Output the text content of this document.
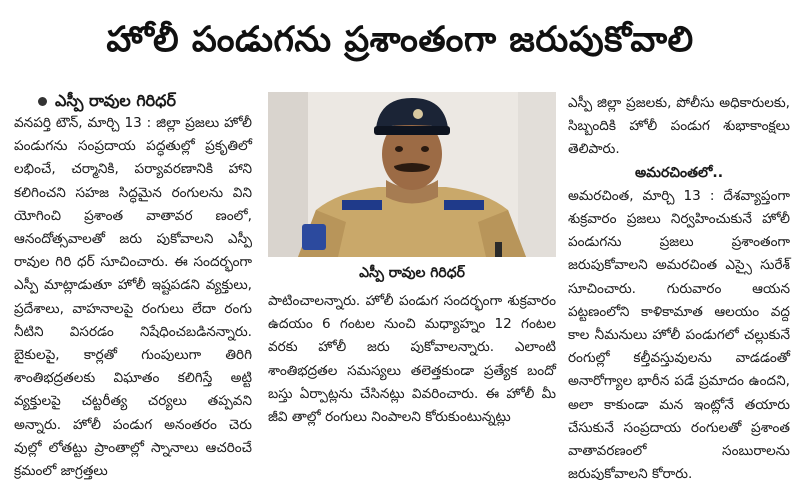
హోలీ పండుగను ప్రశాంతంగా జరుపుకోవాలి
ఎస్పీ రావుల గిరిధర్

వనపర్తి టౌన్‌, మార్చి 13 : జిల్లా ప్రజలు హోలీ పండుగను సంప్రదాయ పద్ధతుల్లో ప్రకృతిలో లభించే, చర్మానికి, పర్యావరణానికి హాని కలిగించని సహజ సిద్ధమైన రంగులను విని యోగించి ప్రశాంత వాతావర ణంలో, ఆనందోత్సవాలతో జరు పుకోవాలని ఎస్పీ రావుల గిరి ధర్‌ సూచించారు. ఈ సందర్భంగా ఎస్పీ మాట్లాడుతూ హోలీ ఇష్టపడని వ్యక్తులు, ప్రదేశాలు, వాహనాలపై రంగులు లేదా రంగు నీటిని విసరడం నిషేధించబడినన్నారు. బైకులపై, కార్లతో గుంపులుగా తిరిగి శాంతిభద్రతలకు విఘాతం కలిగిస్తే అట్టి వ్యక్తులపై చట్టరీత్య చర్యలు తప్పవని అన్నారు. హోలీ పండుగ అనంతరం చెరు వుల్లో లోతట్టు ప్రాంతాల్లో స్నానాలు ఆచరించే క్రమంలో జాగ్రత్తలు

ఎస్పీ రావుల గిరిధర్

పాటించాలన్నారు. హోలీ పండుగ సందర్భంగా శుక్రవారం ఉదయం 6 గంటల నుంచి మధ్యాహ్నం 12 గంటల వరకు హోలీ జరు పుకోవాలన్నారు. ఎలాంటి శాంతిభద్రతల సమస్యలు తలెత్తకుండా ప్రత్యేక బందో బస్తు ఏర్పాట్లను చేసినట్లు వివరించారు. ఈ హోలీ మీ జీవి తాల్లో రంగులు నింపాలని కోరుకుంటున్నట్లు

ఎస్పీ జిల్లా ప్రజలకు, పోలీసు అధికారులకు, సిబ్బందికి హోలీ పండుగ శుభాకాంక్షలు తెలిపారు.

అమరచింతలో..

అమరచింత, మార్చి 13 : దేశవ్యాప్తంగా శుక్రవారం ప్రజలు నిర్వహించుకునే హోలీ పండుగను ప్రజలు ప్రశాంతంగా జరుపుకోవాలని అమరచింత ఎస్సై సురేశ్‌ సూచించారు. గురువారం ఆయన పట్టణంలోని కాళికామాత ఆలయం వద్ద కాల నీమనులు హోలీ పండుగలో చల్లుకునే రంగుల్లో కల్తీవస్తువులను వాడడంతో అనారోగ్యాల భారీన పడే ప్రమాదం ఉందని, అలా కాకుండా మన ఇంట్లోనే తయారు చేసుకునే సంప్రదాయ రంగులతో ప్రశాంత వాతావరణంలో సంబురాలను జరుపుకోవాలని కోరారు.
